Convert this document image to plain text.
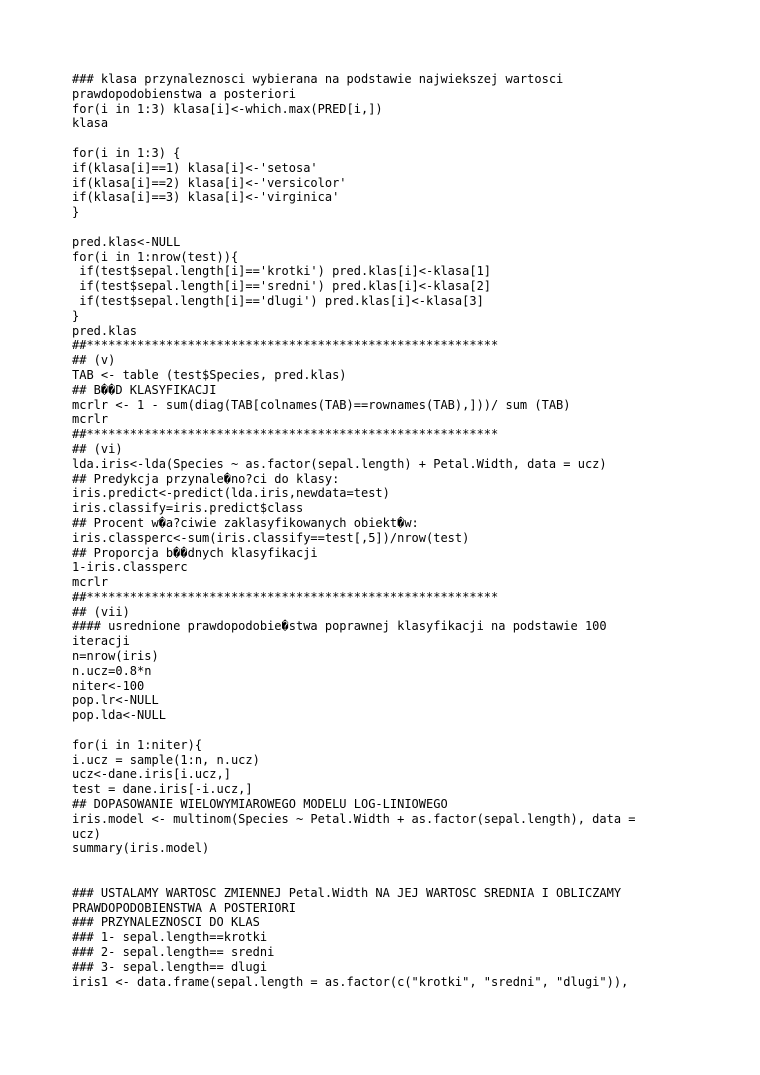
### klasa przynaleznosci wybierana na podstawie najwiekszej wartosci
prawdopodobienstwa a posteriori
for(i in 1:3) klasa[i]<-which.max(PRED[i,])
klasa
for(i in 1:3) {
if(klasa[i]==1) klasa[i]<-'setosa'
if(klasa[i]==2) klasa[i]<-'versicolor'
if(klasa[i]==3) klasa[i]<-'virginica'
}
pred.klas<-NULL
for(i in 1:nrow(test)){
if(test$sepal.length[i]=='krotki') pred.klas[i]<-klasa[1]
if(test$sepal.length[i]=='sredni') pred.klas[i]<-klasa[2]
if(test$sepal.length[i]=='dlugi') pred.klas[i]<-klasa[3]
}
pred.klas
##*********************************************************
## (v)
TAB <- table (test$Species, pred.klas)
## B��D KLASYFIKACJI
mcrlr <- 1 - sum(diag(TAB[colnames(TAB)==rownames(TAB),]))/ sum (TAB)
mcrlr
##*********************************************************
## (vi)
lda.iris<-lda(Species ~ as.factor(sepal.length) + Petal.Width, data = ucz)
## Predykcja przynale�no?ci do klasy:
iris.predict<-predict(lda.iris,newdata=test)
iris.classify=iris.predict$class
## Procent w�a?ciwie zaklasyfikowanych obiekt�w:
iris.classperc<-sum(iris.classify==test[,5])/nrow(test)
## Proporcja b��dnych klasyfikacji
1-iris.classperc
mcrlr
##*********************************************************
## (vii)
#### usrednione prawdopodobie�stwa poprawnej klasyfikacji na podstawie 100
iteracji
n=nrow(iris)
n.ucz=0.8*n
niter<-100
pop.lr<-NULL
pop.lda<-NULL
for(i in 1:niter){
i.ucz = sample(1:n, n.ucz)
ucz<-dane.iris[i.ucz,]
test = dane.iris[-i.ucz,]
## DOPASOWANIE WIELOWYMIAROWEGO MODELU LOG-LINIOWEGO
iris.model <- multinom(Species ~ Petal.Width + as.factor(sepal.length), data =
ucz)
summary(iris.model)
### USTALAMY WARTOSC ZMIENNEJ Petal.Width NA JEJ WARTOSC SREDNIA I OBLICZAMY
PRAWDOPODOBIENSTWA A POSTERIORI
### PRZYNALEZNOSCI DO KLAS
### 1- sepal.length==krotki
### 2- sepal.length== sredni
### 3- sepal.length== dlugi
iris1 <- data.frame(sepal.length = as.factor(c("krotki", "sredni", "dlugi")),
